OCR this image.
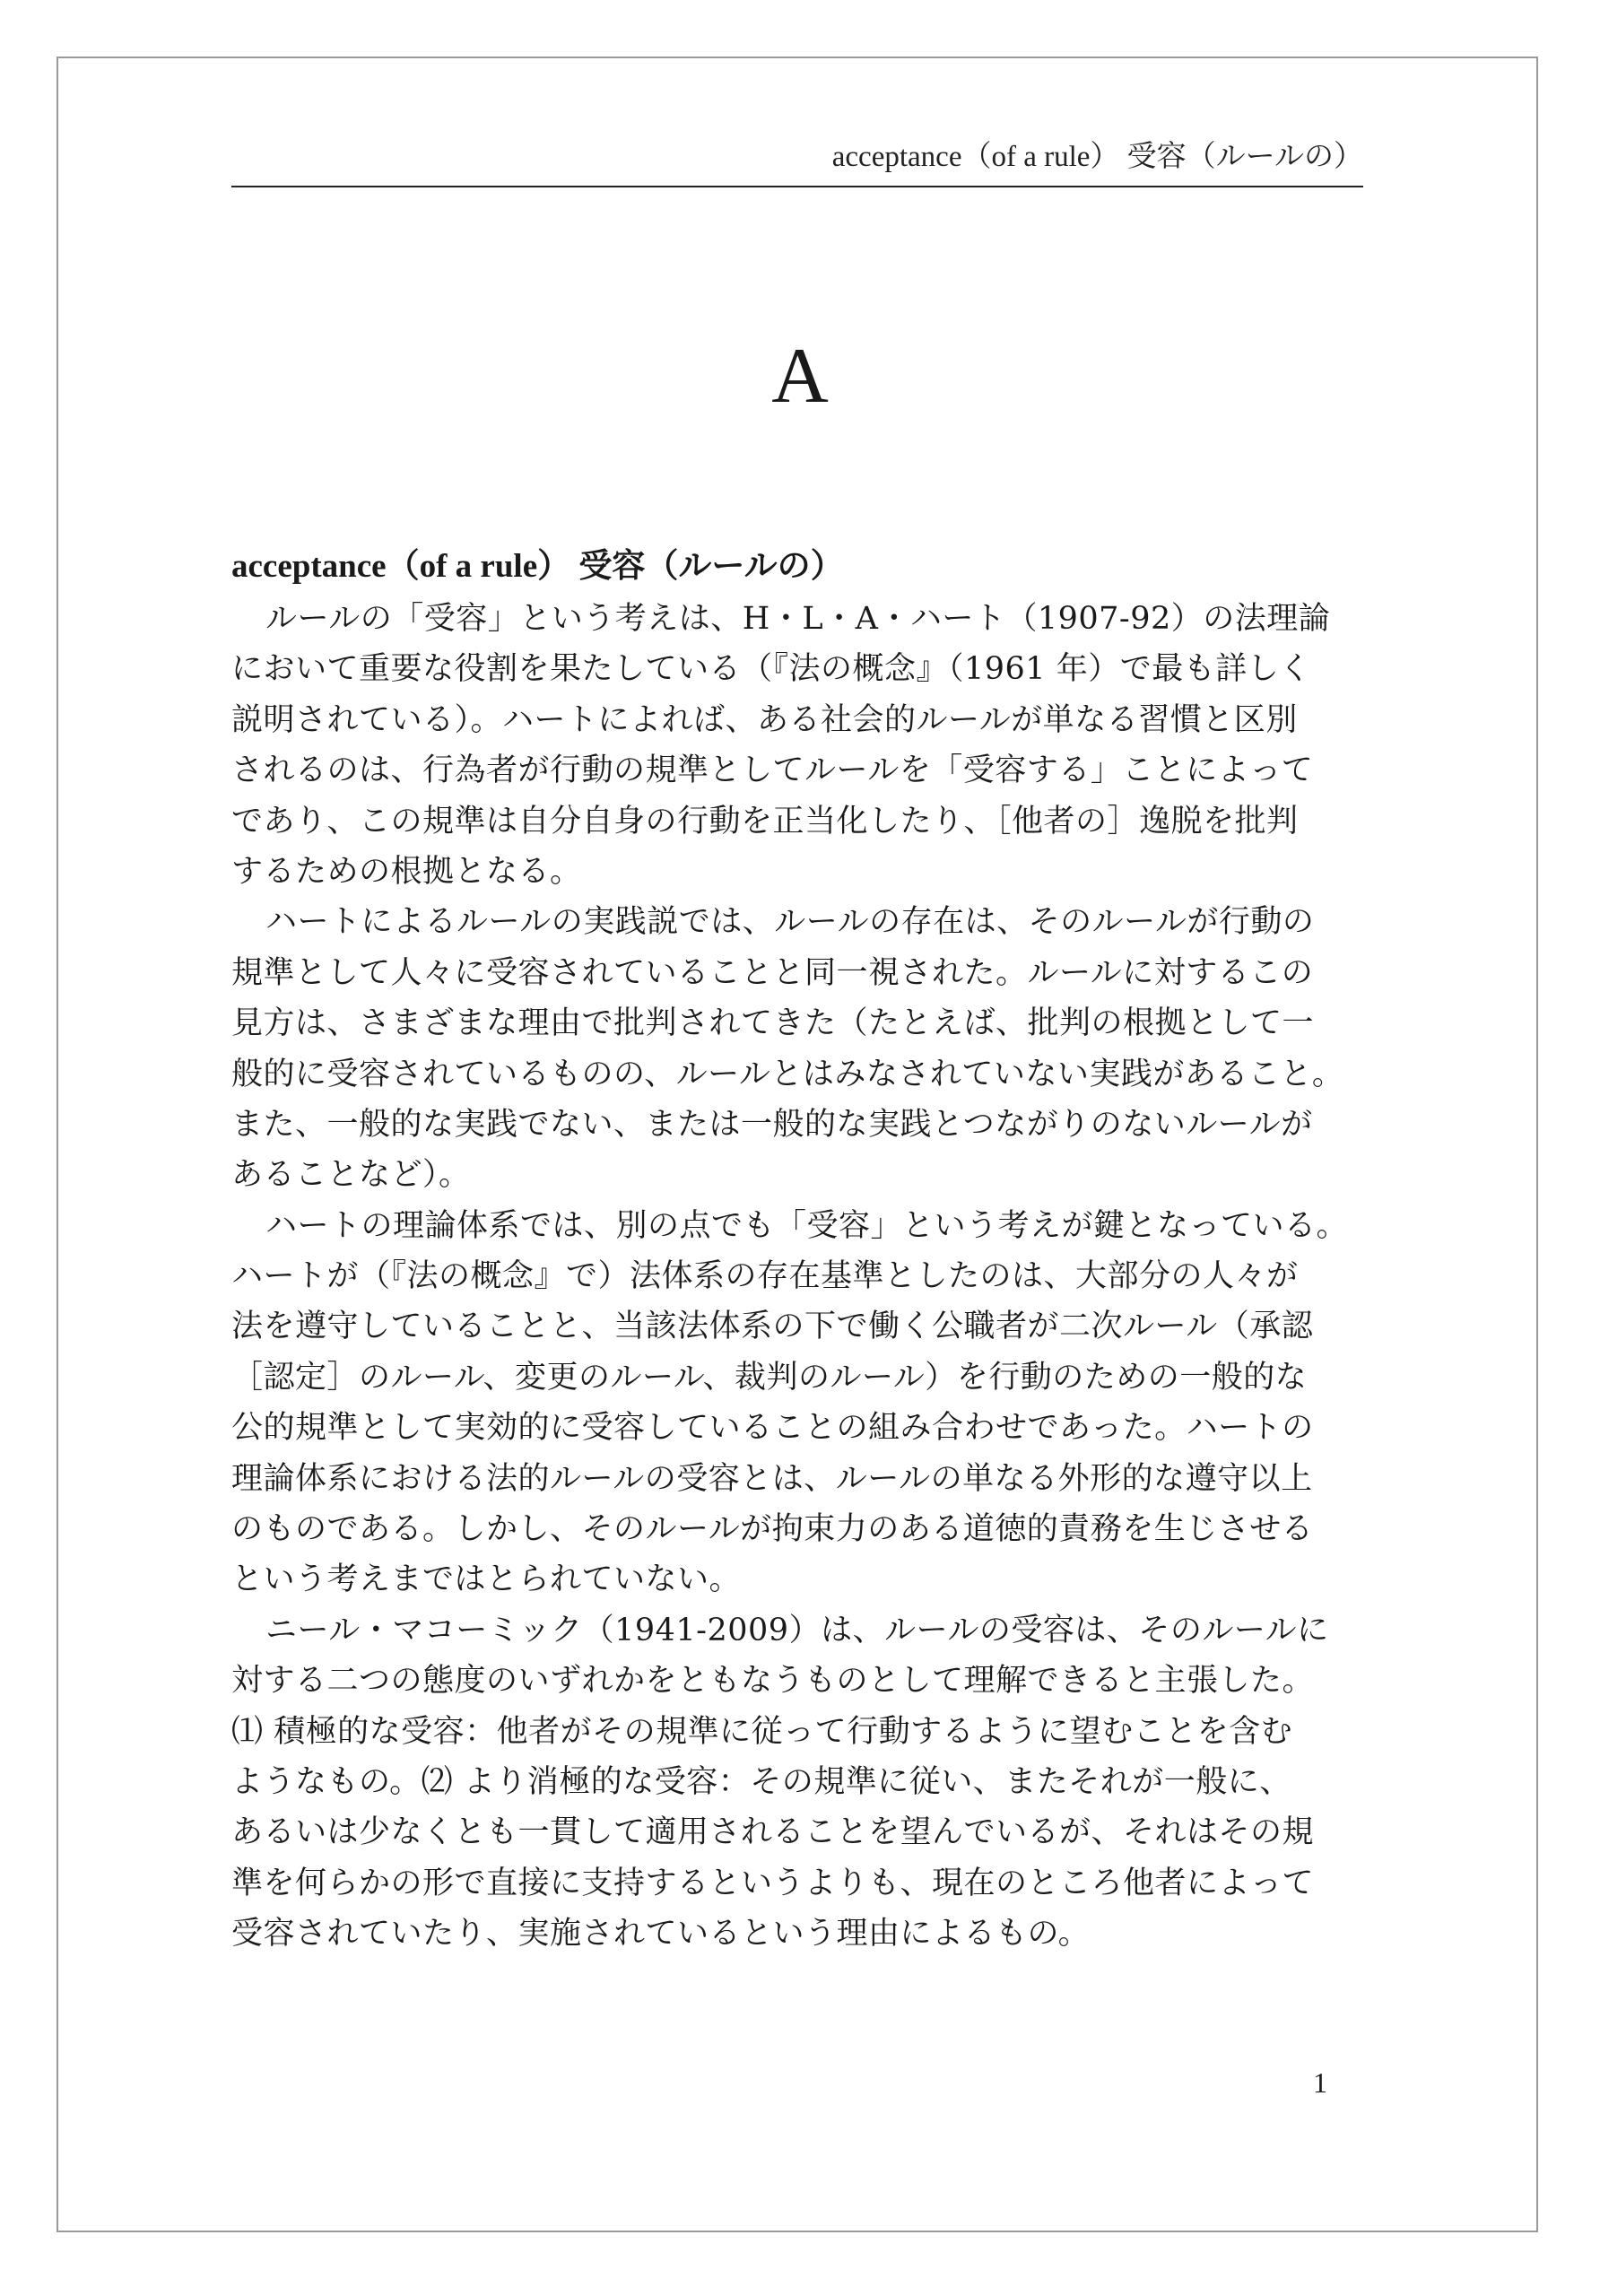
acceptance（of a rule） 受容（ルールの）
A
acceptance（of a rule） 受容（ルールの）
ルールの「受容」という考えは、H・L・A・ハート（1907-92）の法理論
において重要な役割を果たしている（『法の概念』（1961 年）で最も詳しく
説明されている）。ハートによれば、ある社会的ルールが単なる習慣と区別
されるのは、行為者が行動の規準としてルールを「受容する」ことによって
であり、この規準は自分自身の行動を正当化したり、［他者の］逸脱を批判
するための根拠となる。
ハートによるルールの実践説では、ルールの存在は、そのルールが行動の
規準として人々に受容されていることと同一視された。ルールに対するこの
見方は、さまざまな理由で批判されてきた（たとえば、批判の根拠として一
般的に受容されているものの、ルールとはみなされていない実践があること。
また、一般的な実践でない、または一般的な実践とつながりのないルールが
あることなど）。
ハートの理論体系では、別の点でも「受容」という考えが鍵となっている。
ハートが（『法の概念』で）法体系の存在基準としたのは、大部分の人々が
法を遵守していることと、当該法体系の下で働く公職者が二次ルール（承認
［認定］のルール、変更のルール、裁判のルール）を行動のための一般的な
公的規準として実効的に受容していることの組み合わせであった。ハートの
理論体系における法的ルールの受容とは、ルールの単なる外形的な遵守以上
のものである。しかし、そのルールが拘束力のある道徳的責務を生じさせる
という考えまではとられていない。
ニール・マコーミック（1941-2009）は、ルールの受容は、そのルールに
対する二つの態度のいずれかをともなうものとして理解できると主張した。
⑴ 積極的な受容：他者がその規準に従って行動するように望むことを含む
ようなもの。⑵ より消極的な受容：その規準に従い、またそれが一般に、
あるいは少なくとも一貫して適用されることを望んでいるが、それはその規
準を何らかの形で直接に支持するというよりも、現在のところ他者によって
受容されていたり、実施されているという理由によるもの。
1
